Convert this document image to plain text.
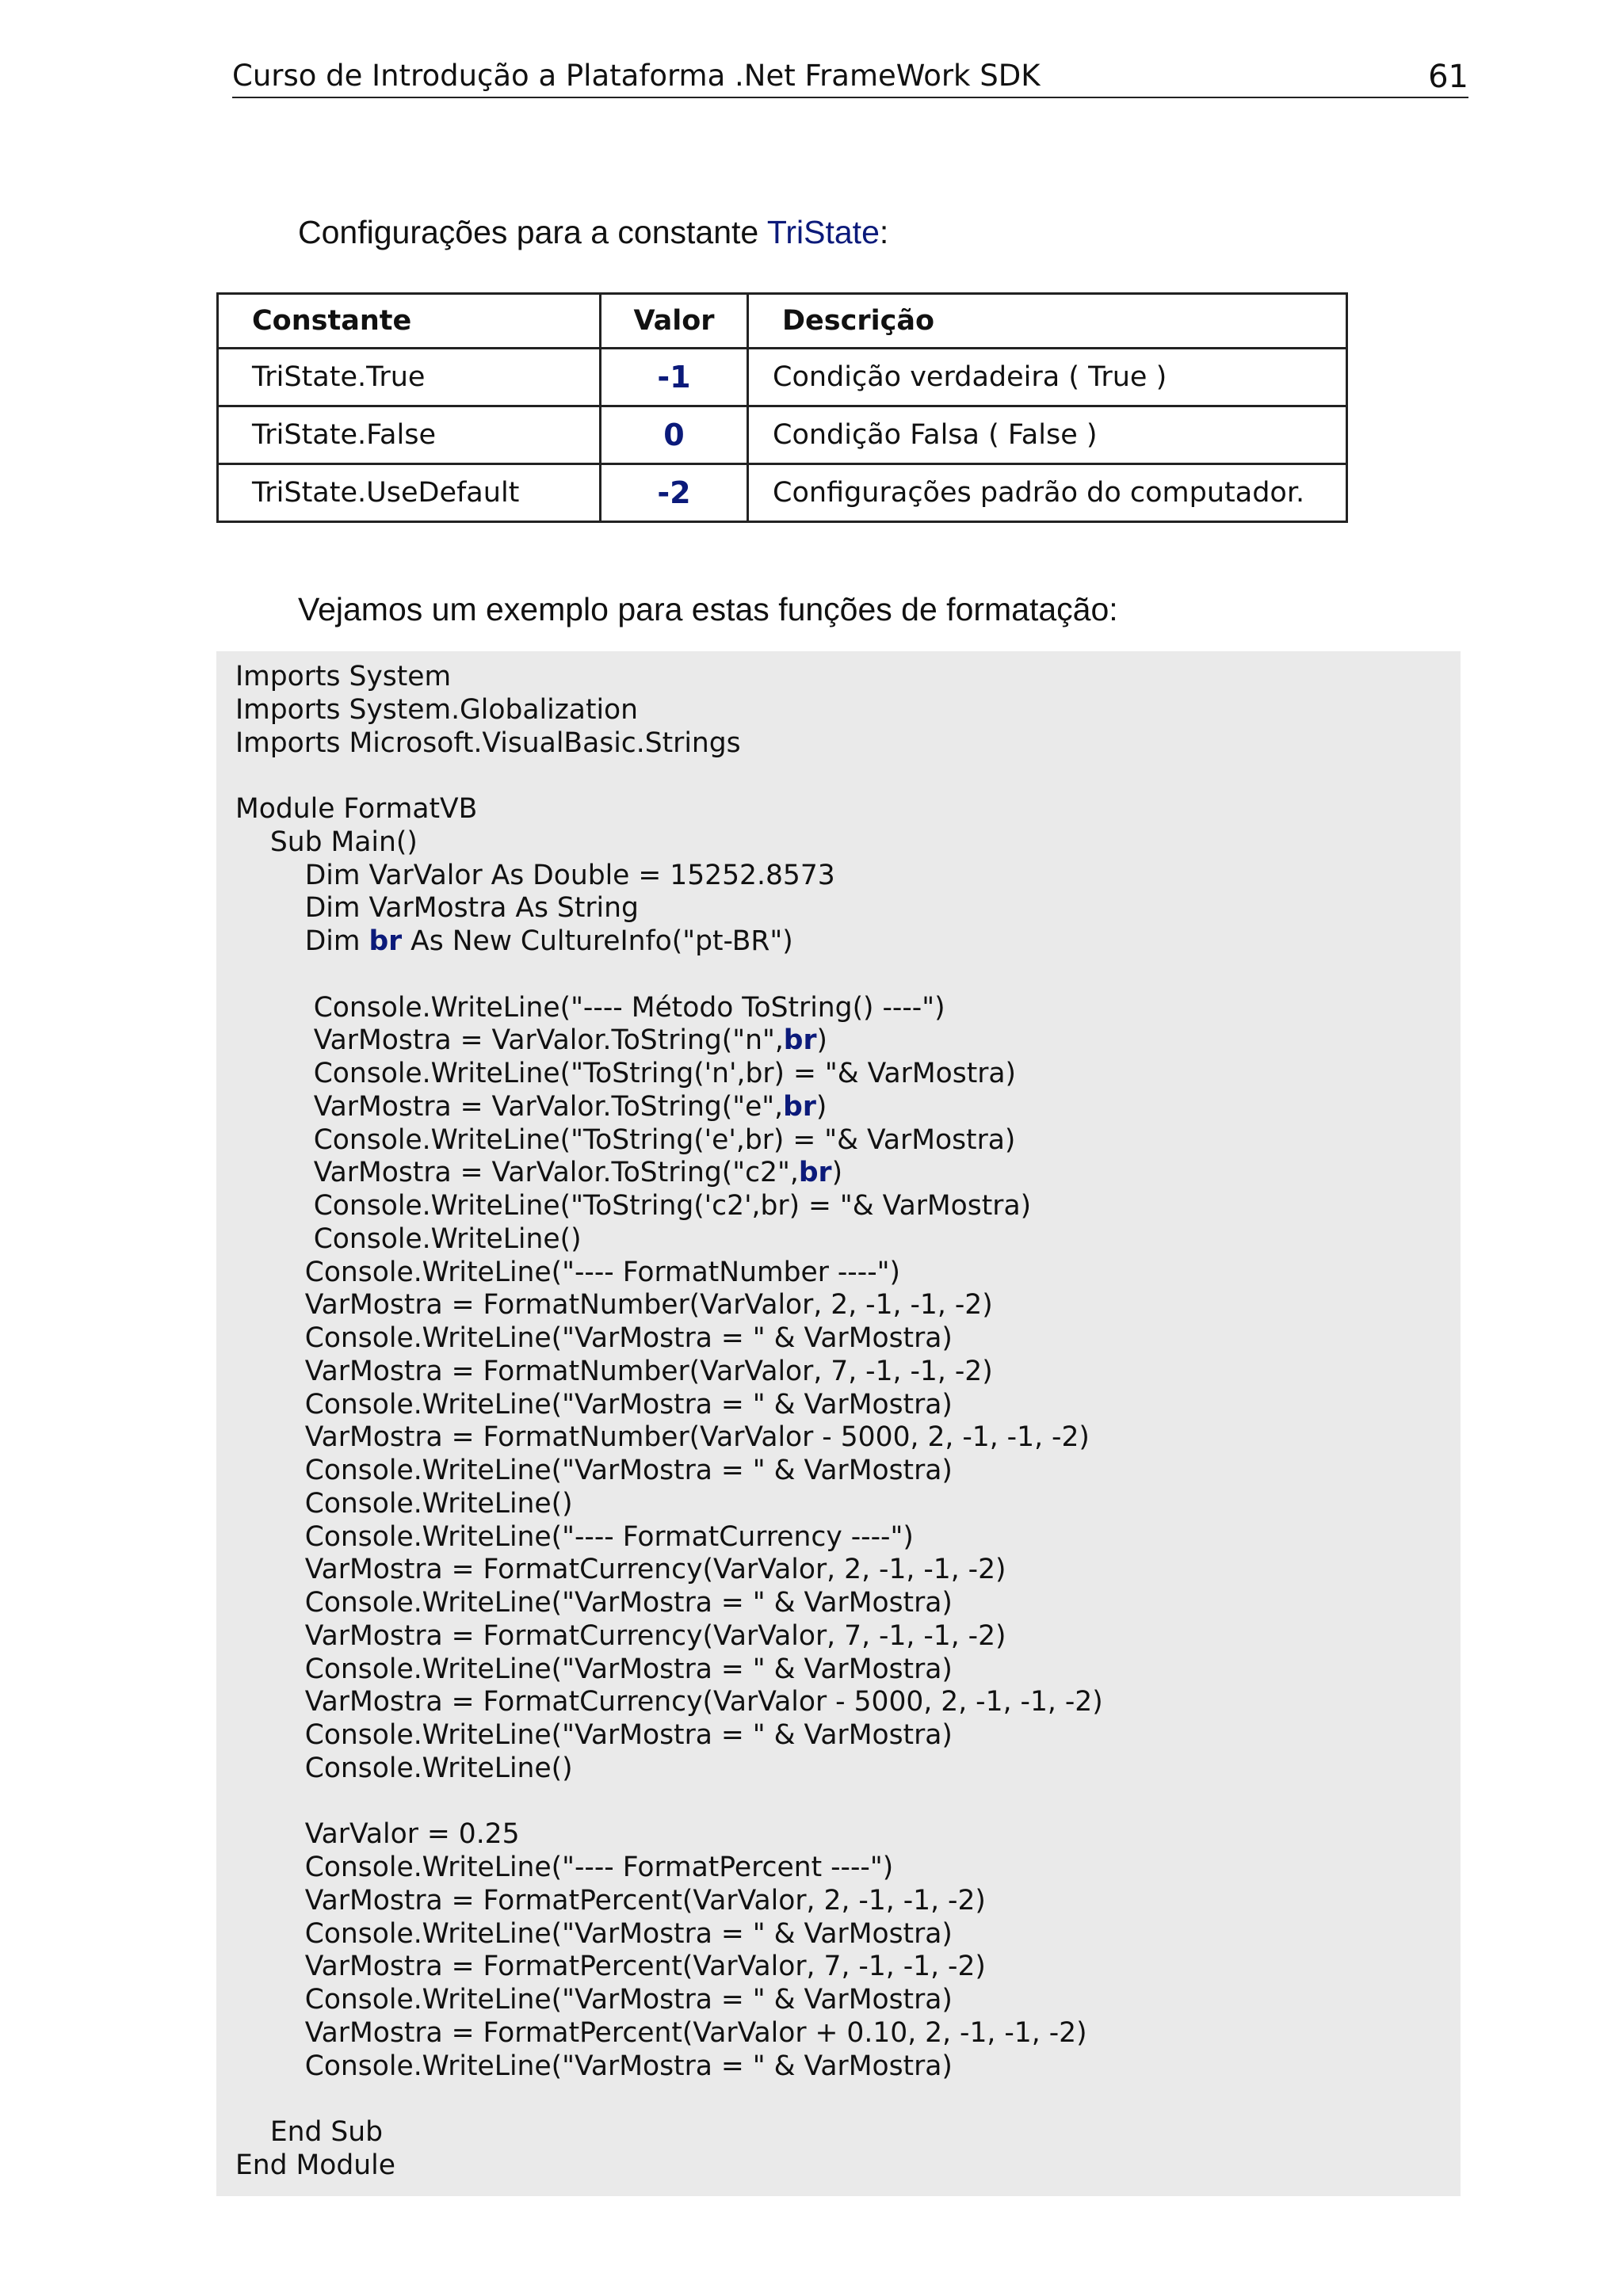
Curso de Introdução a Plataforma .Net FrameWork SDK	61
Configurações para a constante TriState:
Constante	Valor	Descrição
TriState.True	-1	Condição verdadeira ( True )
TriState.False	0	Condição Falsa ( False )
TriState.UseDefault	-2	Configurações padrão do computador.
Vejamos um exemplo para estas funções de formatação:
Imports System
Imports System.Globalization
Imports Microsoft.VisualBasic.Strings

Module FormatVB
Sub Main()
Dim VarValor As Double = 15252.8573
Dim VarMostra As String
Dim br As New CultureInfo("pt-BR")

Console.WriteLine("---- Método ToString() ----")
VarMostra = VarValor.ToString("n",br)
Console.WriteLine("ToString('n',br) = "& VarMostra)
VarMostra = VarValor.ToString("e",br)
Console.WriteLine("ToString('e',br) = "& VarMostra)
VarMostra = VarValor.ToString("c2",br)
Console.WriteLine("ToString('c2',br) = "& VarMostra)
Console.WriteLine()
Console.WriteLine("---- FormatNumber ----")
VarMostra = FormatNumber(VarValor, 2, -1, -1, -2)
Console.WriteLine("VarMostra = " & VarMostra)
VarMostra = FormatNumber(VarValor, 7, -1, -1, -2)
Console.WriteLine("VarMostra = " & VarMostra)
VarMostra = FormatNumber(VarValor - 5000, 2, -1, -1, -2)
Console.WriteLine("VarMostra = " & VarMostra)
Console.WriteLine()
Console.WriteLine("---- FormatCurrency ----")
VarMostra = FormatCurrency(VarValor, 2, -1, -1, -2)
Console.WriteLine("VarMostra = " & VarMostra)
VarMostra = FormatCurrency(VarValor, 7, -1, -1, -2)
Console.WriteLine("VarMostra = " & VarMostra)
VarMostra = FormatCurrency(VarValor - 5000, 2, -1, -1, -2)
Console.WriteLine("VarMostra = " & VarMostra)
Console.WriteLine()

VarValor = 0.25
Console.WriteLine("---- FormatPercent ----")
VarMostra = FormatPercent(VarValor, 2, -1, -1, -2)
Console.WriteLine("VarMostra = " & VarMostra)
VarMostra = FormatPercent(VarValor, 7, -1, -1, -2)
Console.WriteLine("VarMostra = " & VarMostra)
VarMostra = FormatPercent(VarValor + 0.10, 2, -1, -1, -2)
Console.WriteLine("VarMostra = " & VarMostra)

End Sub
End Module
